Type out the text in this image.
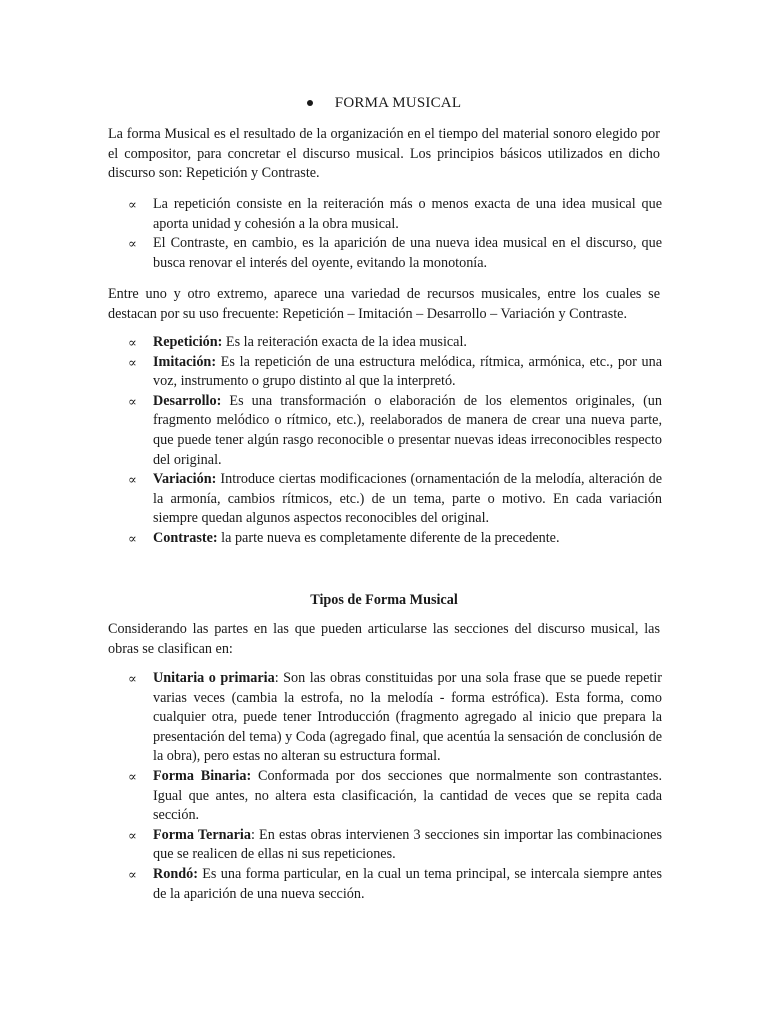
FORMA MUSICAL
La forma Musical es el resultado de la organización en el tiempo del material sonoro elegido por el compositor, para concretar el discurso musical. Los principios básicos utilizados en dicho discurso son: Repetición y Contraste.
∝ La repetición consiste en la reiteración más o menos exacta de una idea musical que aporta unidad y cohesión a la obra musical.
∝ El Contraste, en cambio, es la aparición de una nueva idea musical en el discurso, que busca renovar el interés del oyente, evitando la monotonía.
Entre uno y otro extremo, aparece una variedad de recursos musicales, entre los cuales se destacan por su uso frecuente: Repetición – Imitación – Desarrollo – Variación y Contraste.
∝ Repetición: Es la reiteración exacta de la idea musical.
∝ Imitación: Es la repetición de una estructura melódica, rítmica, armónica, etc., por una voz, instrumento o grupo distinto al que la interpretó.
∝ Desarrollo: Es una transformación o elaboración de los elementos originales, (un fragmento melódico o rítmico, etc.), reelaborados de manera de crear una nueva parte, que puede tener algún rasgo reconocible o presentar nuevas ideas irreconocibles respecto del original.
∝ Variación: Introduce ciertas modificaciones (ornamentación de la melodía, alteración de la armonía, cambios rítmicos, etc.) de un tema, parte o motivo. En cada variación siempre quedan algunos aspectos reconocibles del original.
∝ Contraste: la parte nueva es completamente diferente de la precedente.
Tipos de Forma Musical
Considerando las partes en las que pueden articularse las secciones del discurso musical, las obras se clasifican en:
∝ Unitaria o primaria: Son las obras constituidas por una sola frase que se puede repetir varias veces (cambia la estrofa, no la melodía - forma estrófica). Esta forma, como cualquier otra, puede tener Introducción (fragmento agregado al inicio que prepara la presentación del tema) y Coda (agregado final, que acentúa la sensación de conclusión de la obra), pero estas no alteran su estructura formal.
∝ Forma Binaria: Conformada por dos secciones que normalmente son contrastantes. Igual que antes, no altera esta clasificación, la cantidad de veces que se repita cada sección.
∝ Forma Ternaria: En estas obras intervienen 3 secciones sin importar las combinaciones que se realicen de ellas ni sus repeticiones.
∝ Rondó: Es una forma particular, en la cual un tema principal, se intercala siempre antes de la aparición de una nueva sección.
